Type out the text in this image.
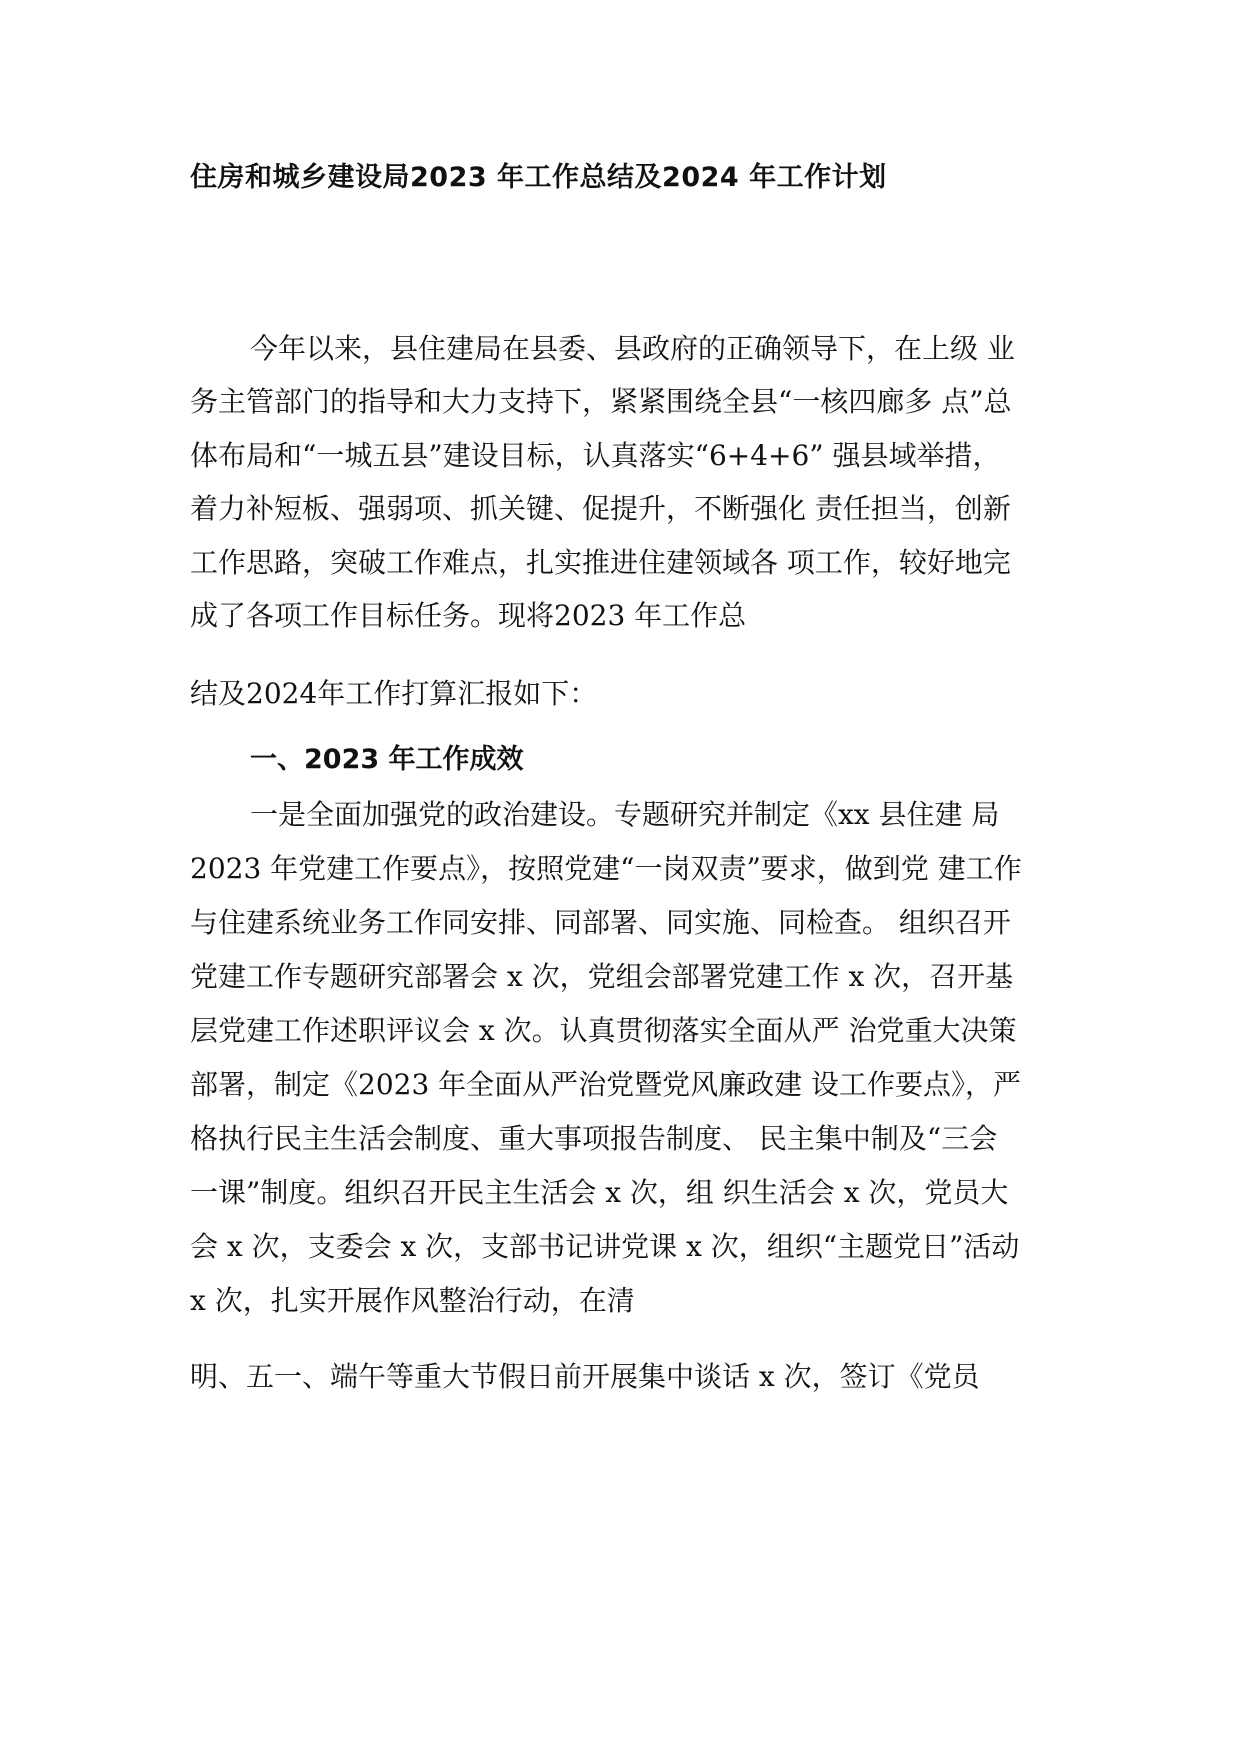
住房和城乡建设局2023 年工作总结及2024 年工作计划

今年以来，县住建局在县委、县政府的正确领导下，在上级 业

务主管部门的指导和大力支持下，紧紧围绕全县“一核四廊多 点”总

体布局和“一城五县”建设目标，认真落实“6+4+6” 强县域举措，

着力补短板、强弱项、抓关键、促提升，不断强化 责任担当，创新

工作思路，突破工作难点，扎实推进住建领域各 项工作，较好地完

成了各项工作目标任务。现将2023 年工作总

结及2024年工作打算汇报如下：

一、2023 年工作成效

一是全面加强党的政治建设。专题研究并制定《xx 县住建 局

2023 年党建工作要点》，按照党建“一岗双责”要求，做到党 建工作

与住建系统业务工作同安排、同部署、同实施、同检查。 组织召开

党建工作专题研究部署会 x 次，党组会部署党建工作 x 次，召开基

层党建工作述职评议会 x 次。认真贯彻落实全面从严 治党重大决策

部署，制定《2023 年全面从严治党暨党风廉政建 设工作要点》，严

格执行民主生活会制度、重大事项报告制度、 民主集中制及“三会

一课”制度。组织召开民主生活会 x 次，组 织生活会 x 次，党员大

会 x 次，支委会 x 次，支部书记讲党课 x 次，组织“主题党日”活动

x 次，扎实开展作风整治行动，在清

明、五一、端午等重大节假日前开展集中谈话 x 次，签订《党员
